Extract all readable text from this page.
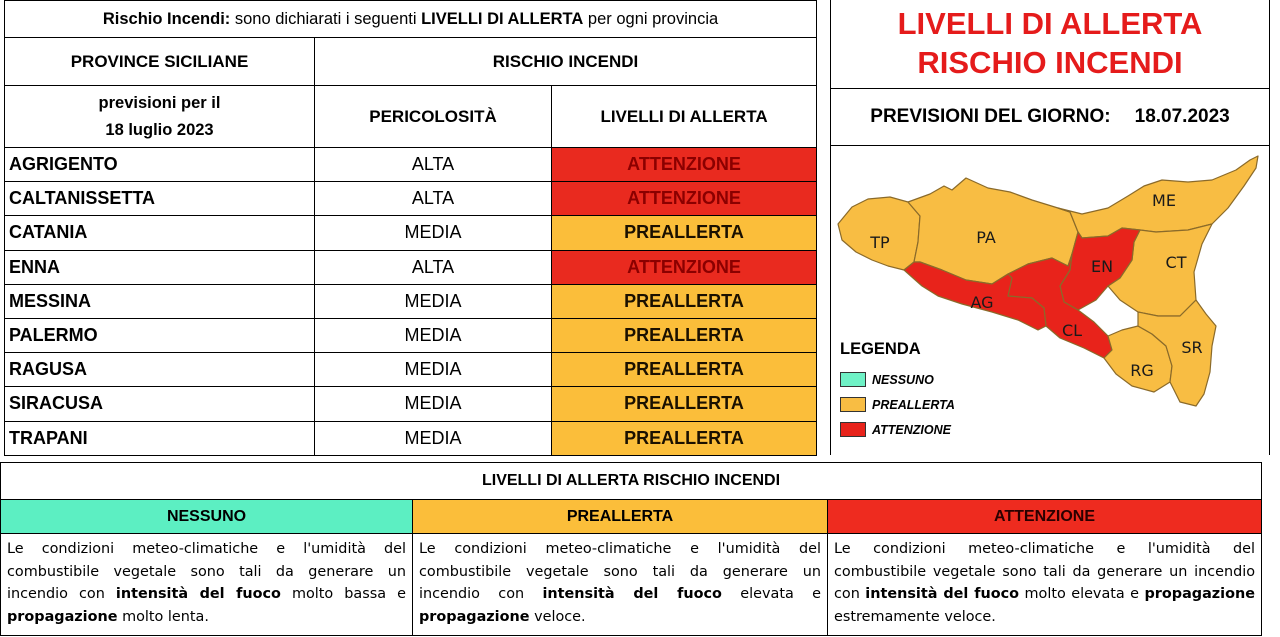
Rischio Incendi: sono dichiarati i seguenti LIVELLI DI ALLERTA per ogni provincia		
PROVINCE SICILIANE	RISCHIO INCENDI	

previsioni per il
18 luglio 2023	PERICOLOSITÀ	LIVELLI DI ALLERTA
AGRIGENTO	ALTA	ATTENZIONE
CALTANISSETTA	ALTA	ATTENZIONE
CATANIA	MEDIA	PREALLERTA
ENNA	ALTA	ATTENZIONE
MESSINA	MEDIA	PREALLERTA
PALERMO	MEDIA	PREALLERTA
RAGUSA	MEDIA	PREALLERTA
SIRACUSA	MEDIA	PREALLERTA
TRAPANI	MEDIA	PREALLERTA
LIVELLI DI ALLERTA
RISCHIO INCENDI
PREVISIONI DEL GIORNO: 18.07.2023
TP	PA
ME
EN	CT
AG
CL
RG
SR
LEGENDA
NESSUNO
PREALLERTA
ATTENZIONE
LIVELLI DI ALLERTA RISCHIO INCENDI		
NESSUNO	PREALLERTA	ATTENZIONE
Le condizioni meteo-climatiche e l'umidità del combustibile vegetale sono tali da generare un incendio con intensità del fuoco molto bassa e propagazione molto lenta.	Le condizioni meteo-climatiche e l'umidità del combustibile vegetale sono tali da generare un incendio con intensità del fuoco elevata e propagazione veloce.	Le condizioni meteo-climatiche e l'umidità del combustibile vegetale sono tali da generare un incendio con intensità del fuoco molto elevata e propagazione estremamente veloce.
